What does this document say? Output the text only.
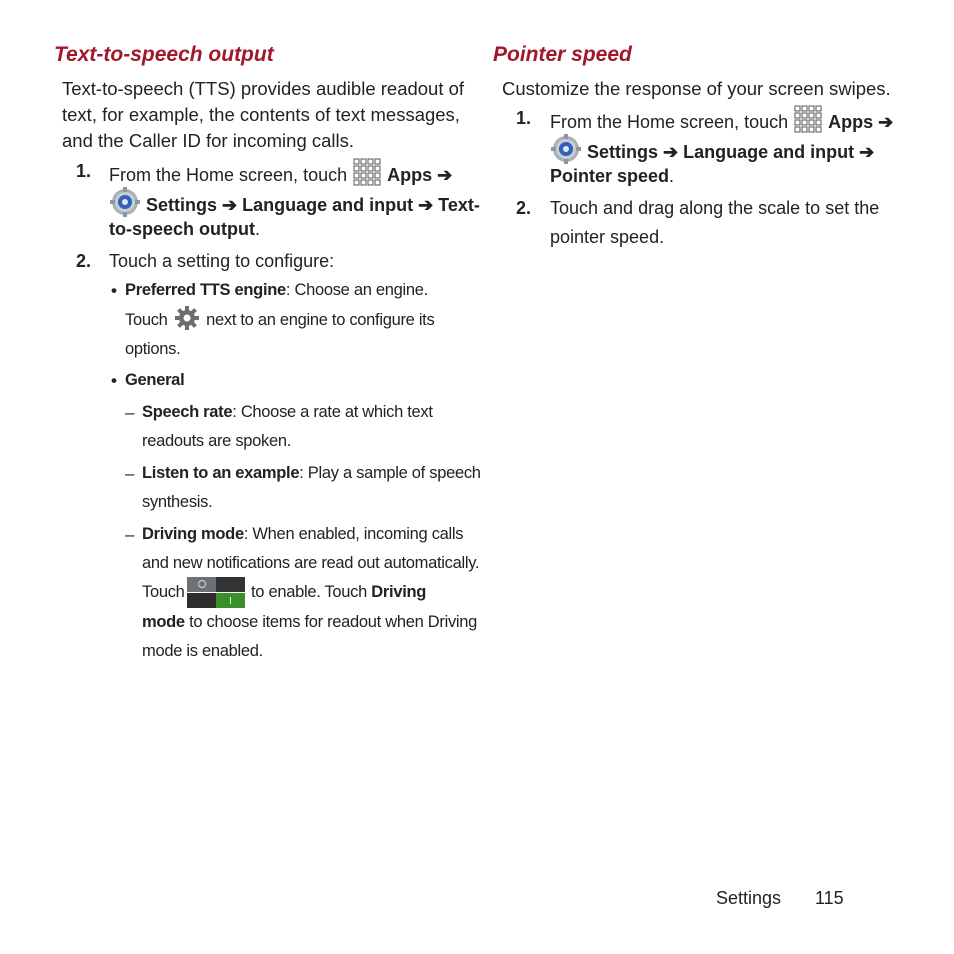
Text-to-speech output
Text-to-speech (TTS) provides audible readout of
text, for example, the contents of text messages,
and the Caller ID for incoming calls.
1. From the Home screen, touch Apps ➔
Settings ➔ Language and input ➔ Text-
to-speech output.
2. Touch a setting to configure:
• Preferred TTS engine: Choose an engine.
Touch next to an engine to configure its
options.
• General
– Speech rate: Choose a rate at which text
readouts are spoken.
– Listen to an example: Play a sample of speech
synthesis.
– Driving mode: When enabled, incoming calls
and new notifications are read out automatically.
Touch	to enable. Touch Driving
mode to choose items for readout when Driving
mode is enabled.
Pointer speed
Customize the response of your screen swipes.
1. From the Home screen, touch Apps ➔
Settings ➔ Language and input ➔
Pointer speed.
2. Touch and drag along the scale to set the
pointer speed.
Settings 115
